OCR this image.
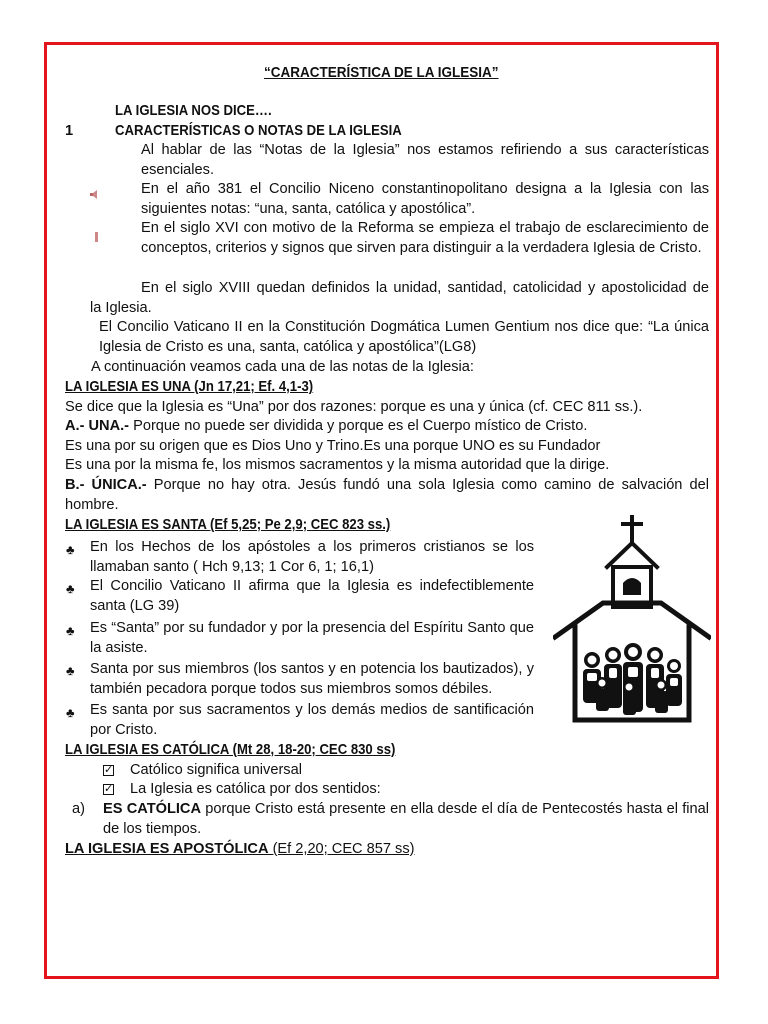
“CARACTERÍSTICA DE LA IGLESIA”
LA IGLESIA NOS DICE….
1	CARACTERÍSTICAS O NOTAS DE LA IGLESIA
Al hablar de las “Notas de la Iglesia” nos estamos refiriendo a sus características esenciales.
En el año 381 el Concilio Niceno constantinopolitano designa a la Iglesia con las siguientes notas: “una, santa, católica y apostólica”.
En el siglo XVI con motivo de la Reforma se empieza el trabajo de esclarecimiento de conceptos, criterios y signos que sirven para distinguir a la verdadera Iglesia de Cristo.
En el siglo XVIII quedan definidos la unidad, santidad, catolicidad y apostolicidad de
la Iglesia.
El Concilio Vaticano II en la Constitución Dogmática Lumen Gentium nos dice que: “La única Iglesia de Cristo es una, santa, católica y apostólica”(LG8)
A continuación veamos cada una de las notas de la Iglesia:
LA IGLESIA ES UNA (Jn 17,21; Ef. 4,1-3)
Se dice que la Iglesia es “Una” por dos razones: porque es una y única (cf. CEC 811 ss.).
A.- UNA.- Porque no puede ser dividida y porque es el Cuerpo místico de Cristo.
Es una por su origen que es Dios Uno y Trino.Es una porque UNO es su Fundador
Es una por la misma fe, los mismos sacramentos y la misma autoridad que la dirige.
B.- ÚNICA.- Porque no hay otra. Jesús fundó una sola Iglesia como camino de salvación del hombre.
LA IGLESIA ES SANTA (Ef 5,25; Pe 2,9; CEC 823 ss.)
♣ En los Hechos de los apóstoles a los primeros cristianos se los llamaban santo ( Hch 9,13; 1 Cor 6, 1; 16,1)
♣ El Concilio Vaticano II afirma que la Iglesia es indefectiblemente santa (LG 39)
♣ Es “Santa” por su fundador y por la presencia del Espíritu Santo que la asiste.
♣ Santa por sus miembros (los santos y en potencia los bautizados), y también pecadora porque todos sus miembros somos débiles.
♣ Es santa por sus sacramentos y los demás medios de santificación por Cristo.
LA IGLESIA ES CATÓLICA (Mt 28, 18-20; CEC 830 ss)
✓ Católico significa universal
✓ La Iglesia es católica por dos sentidos:
a) ES CATÓLICA porque Cristo está presente en ella desde el día de Pentecostés hasta el final de los tiempos.
LA IGLESIA ES APOSTÓLICA (Ef 2,20; CEC 857 ss)
